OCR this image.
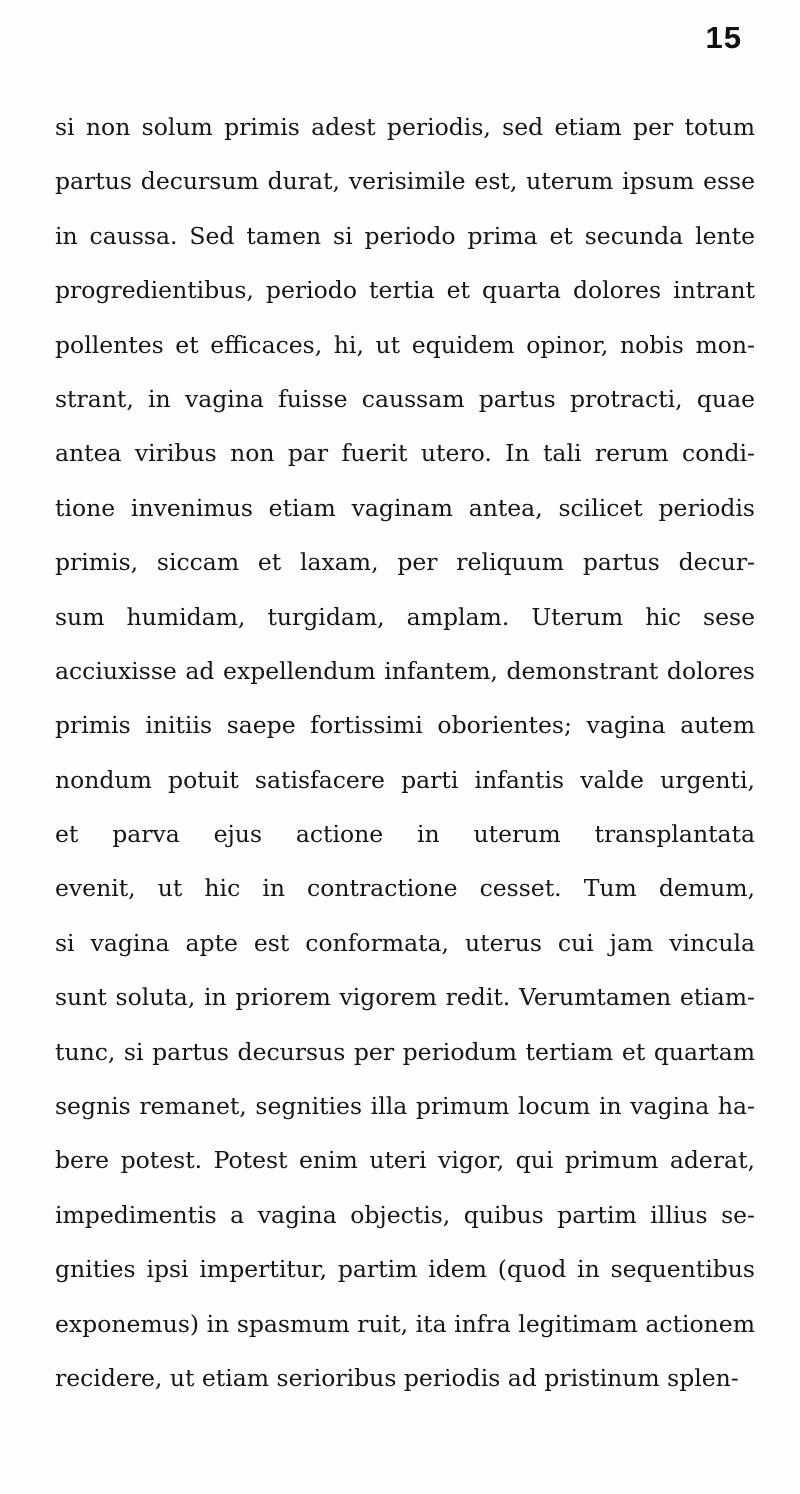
15
si non solum primis adest periodis, sed etiam per totum
partus decursum durat, verisimile est, uterum ipsum esse
in caussa. Sed tamen si periodo prima et secunda lente
progredientibus, periodo tertia et quarta dolores intrant
pollentes et efficaces, hi, ut equidem opinor, nobis mon-
strant, in vagina fuisse caussam partus protracti, quae
antea viribus non par fuerit utero. In tali rerum condi-
tione invenimus etiam vaginam antea, scilicet periodis
primis, siccam et laxam, per reliquum partus decur-
sum humidam, turgidam, amplam. Uterum hic sese
acciuxisse ad expellendum infantem, demonstrant dolores
primis initiis saepe fortissimi oborientes; vagina autem
nondum potuit satisfacere parti infantis valde urgenti,
et parva ejus actione in uterum transplantata
evenit, ut hic in contractione cesset. Tum demum,
si vagina apte est conformata, uterus cui jam vincula
sunt soluta, in priorem vigorem redit. Verumtamen etiam-
tunc, si partus decursus per periodum tertiam et quartam
segnis remanet, segnities illa primum locum in vagina ha-
bere potest. Potest enim uteri vigor, qui primum aderat,
impedimentis a vagina objectis, quibus partim illius se-
gnities ipsi impertitur, partim idem (quod in sequentibus
exponemus) in spasmum ruit, ita infra legitimam actionem
recidere, ut etiam serioribus periodis ad pristinum splen-
